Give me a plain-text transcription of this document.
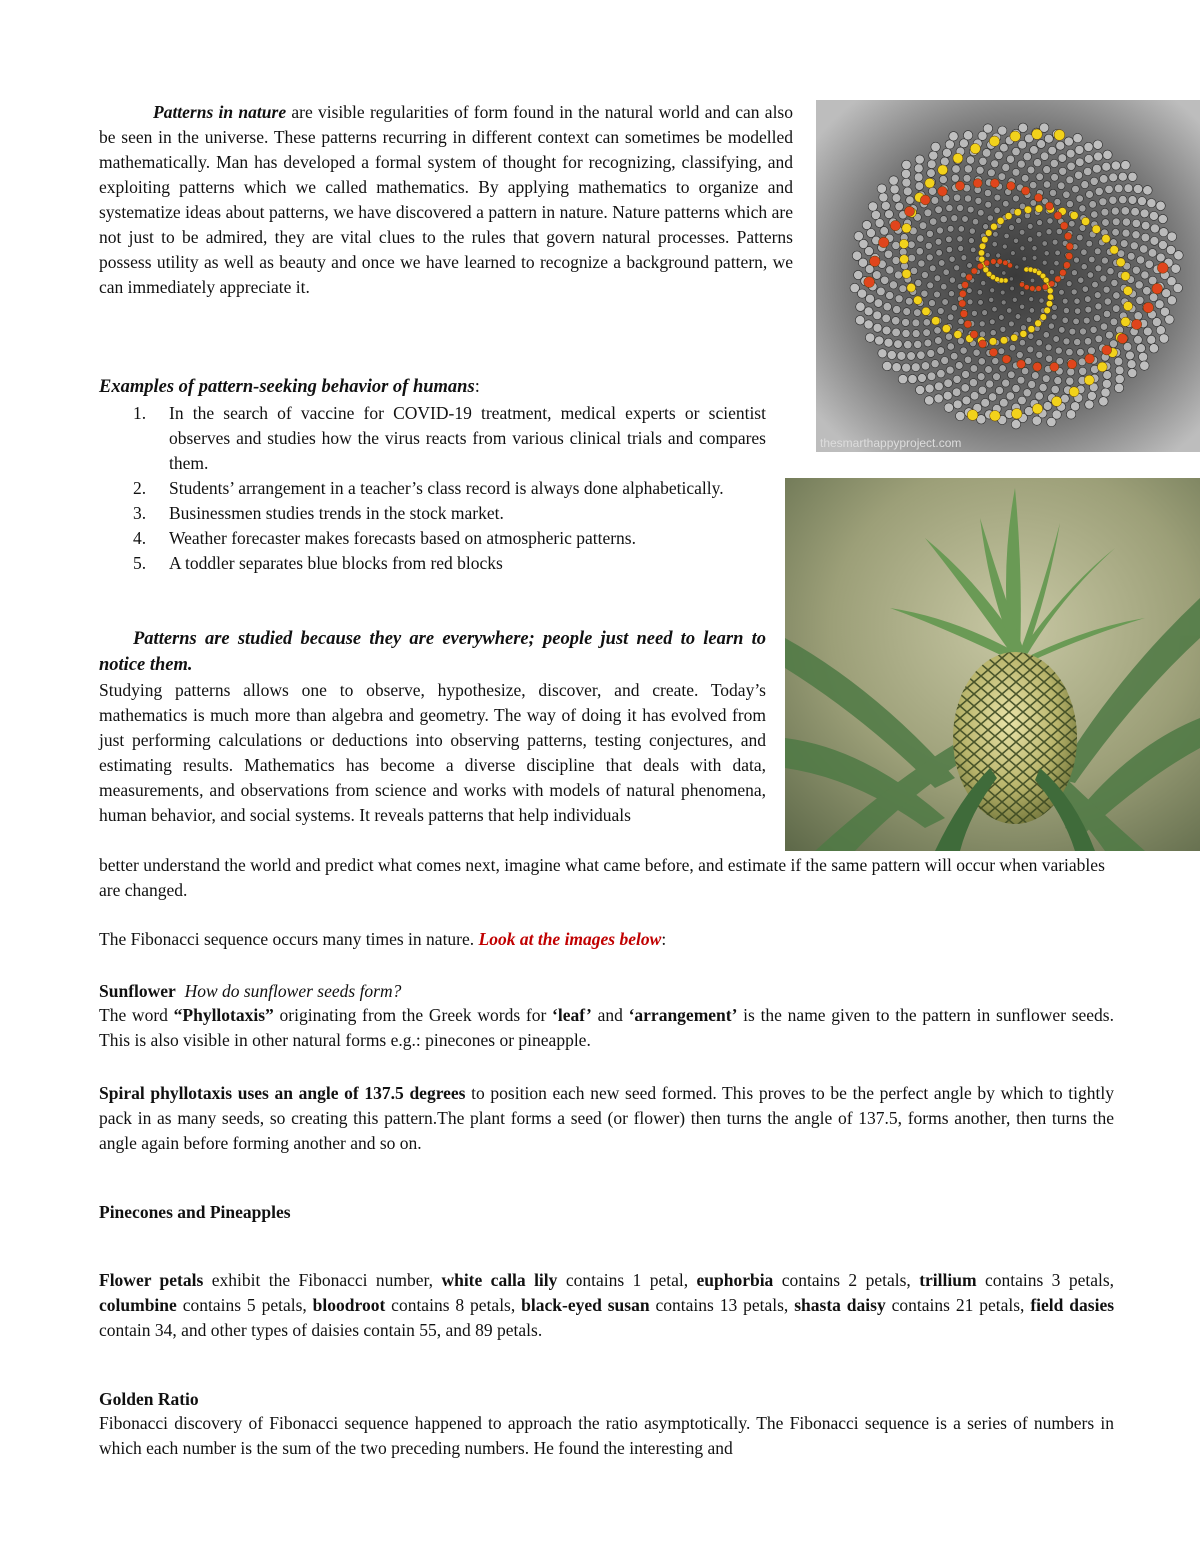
thesmarthappyproject.com
Patterns in nature are visible regularities of form found in the natural world and can also be seen in the universe. These patterns recurring in different context can sometimes be modelled mathematically. Man has developed a formal system of thought for recognizing, classifying, and exploiting patterns which we called mathematics. By applying mathematics to organize and systematize ideas about patterns, we have discovered a pattern in nature. Nature patterns which are not just to be admired, they are vital clues to the rules that govern natural processes. Patterns possess utility as well as beauty and once we have learned to recognize a background pattern, we can immediately appreciate it.
Examples of pattern-seeking behavior of humans:
1. In the search of vaccine for COVID-19 treatment, medical experts or scientist observes and studies how the virus reacts from various clinical trials and compares them.
2. Students’ arrangement in a teacher’s class record is always done alphabetically.
3. Businessmen studies trends in the stock market.
4. Weather forecaster makes forecasts based on atmospheric patterns.
5. A toddler separates blue blocks from red blocks
Patterns are studied because they are everywhere; people just need to learn to notice them.
Studying patterns allows one to observe, hypothesize, discover, and create. Today’s mathematics is much more than algebra and geometry. The way of doing it has evolved from just performing calculations or deductions into observing patterns, testing conjectures, and estimating results. Mathematics has become a diverse discipline that deals with data, measurements, and observations from science and works with models of natural phenomena, human behavior, and social systems. It reveals patterns that help individuals
better understand the world and predict what comes next, imagine what came before, and estimate if the same pattern will occur when variables are changed.
The Fibonacci sequence occurs many times in nature. Look at the images below:
Sunflower How do sunflower seeds form?
The word “Phyllotaxis” originating from the Greek words for ‘leaf’ and ‘arrangement’ is the name given to the pattern in sunflower seeds. This is also visible in other natural forms e.g.: pinecones or pineapple.
Spiral phyllotaxis uses an angle of 137.5 degrees to position each new seed formed. This proves to be the perfect angle by which to tightly pack in as many seeds, so creating this pattern.The plant forms a seed (or flower) then turns the angle of 137.5, forms another, then turns the angle again before forming another and so on.
Pinecones and Pineapples
Flower petals exhibit the Fibonacci number, white calla lily contains 1 petal, euphorbia contains 2 petals, trillium contains 3 petals, columbine contains 5 petals, bloodroot contains 8 petals, black-eyed susan contains 13 petals, shasta daisy contains 21 petals, field dasies contain 34, and other types of daisies contain 55, and 89 petals.
Golden Ratio
Fibonacci discovery of Fibonacci sequence happened to approach the ratio asymptotically. The Fibonacci sequence is a series of numbers in which each number is the sum of the two preceding numbers. He found the interesting and
